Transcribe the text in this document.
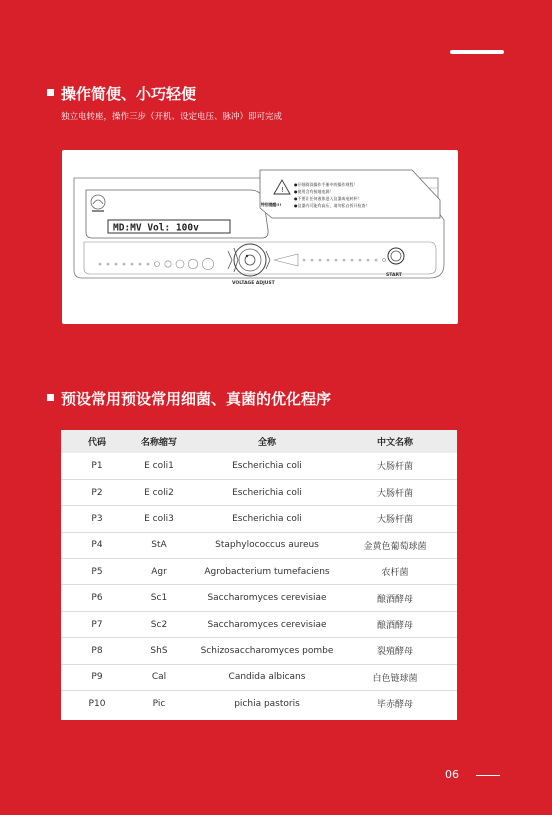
操作简便、小巧轻便
独立电转座，操作三步（开机、设定电压、脉冲）即可完成
MD:MV Vol: 100v
!
特别提醒!!!
●仔细阅读操作手册中的操作规程！
●使用含有接地电源！
●不要让任何液体进入仪器或电转杯！
●仪器内可能有高压，请勿私自拆开检查！
VOLTAGE ADJUST
START
预设常用预设常用细菌、真菌的优化程序
代码	名称缩写	全称	中文名称
P1	E coli1	Escherichia coli	大肠杆菌
P2	E coli2	Escherichia coli	大肠杆菌
P3	E coli3	Escherichia coli	大肠杆菌
P4	StA	Staphylococcus aureus	金黄色葡萄球菌
P5	Agr	Agrobacterium tumefaciens	农杆菌
P6	Sc1	Saccharomyces cerevisiae	酿酒酵母
P7	Sc2	Saccharomyces cerevisiae	酿酒酵母
P8	ShS	Schizosaccharomyces pombe	裂殖酵母
P9	Cal	Candida albicans	白色链球菌
P10	Pic	pichia pastoris	毕赤酵母
06
